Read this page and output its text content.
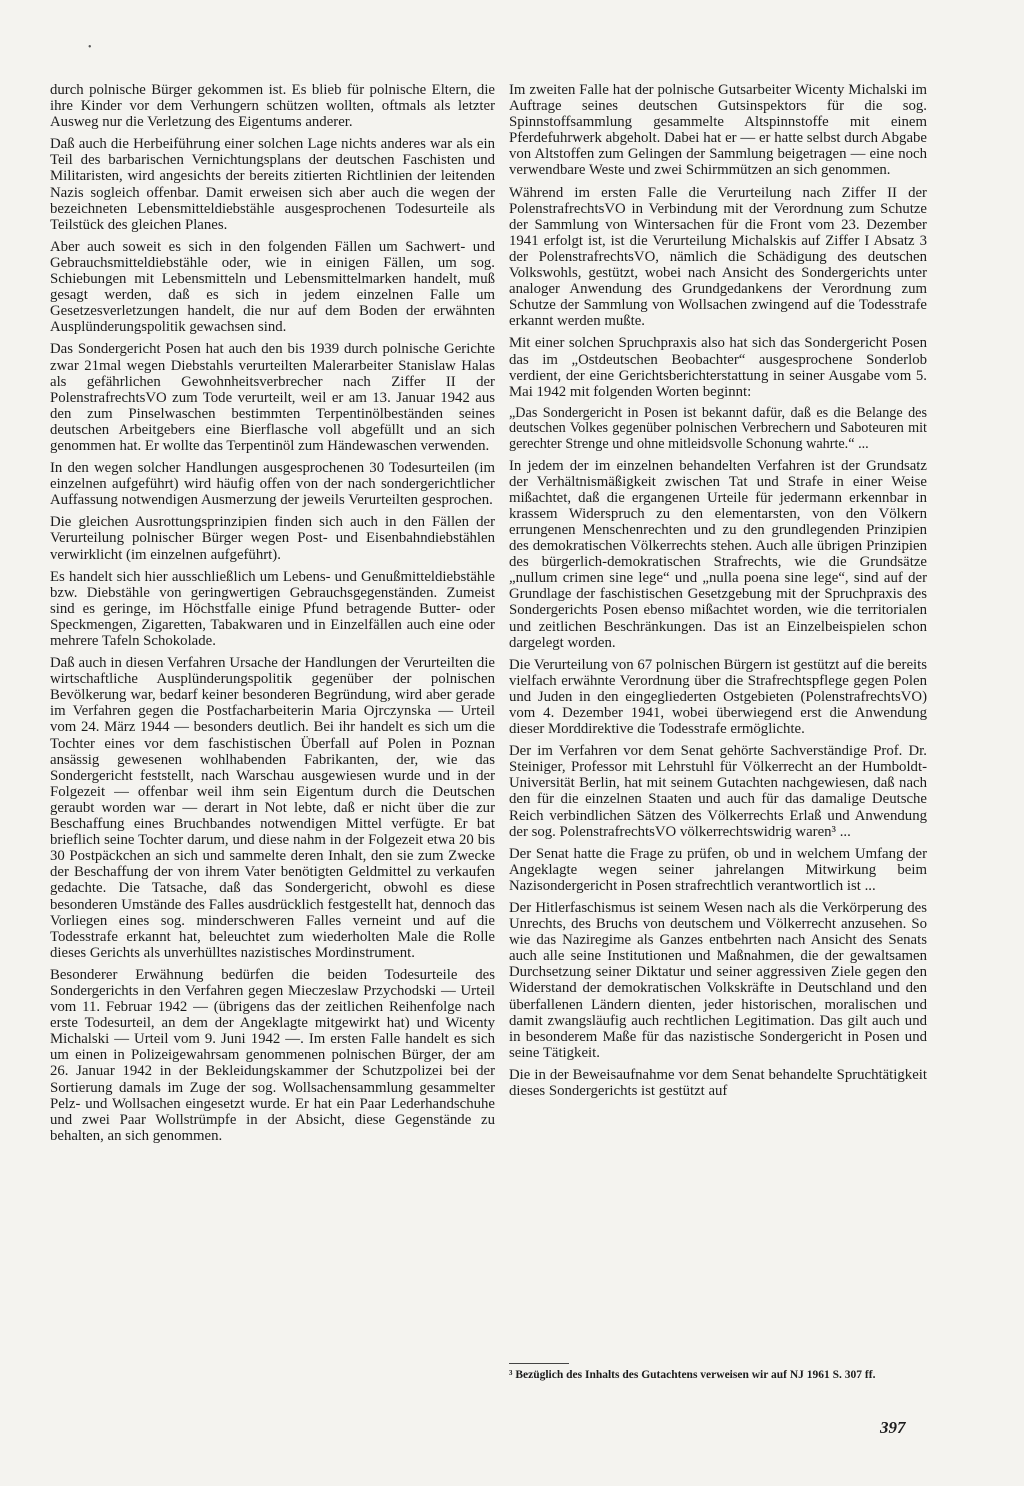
•

durch polnische Bürger gekommen ist. Es blieb für polnische Eltern, die ihre Kinder vor dem Verhungern schützen wollten, oftmals als letzter Ausweg nur die Verletzung des Eigentums anderer.

Daß auch die Herbeiführung einer solchen Lage nichts anderes war als ein Teil des barbarischen Vernichtungsplans der deutschen Faschisten und Militaristen, wird angesichts der bereits zitierten Richtlinien der leitenden Nazis sogleich offenbar. Damit erweisen sich aber auch die wegen der bezeichneten Lebensmitteldiebstähle ausgesprochenen Todesurteile als Teilstück des gleichen Planes.

Aber auch soweit es sich in den folgenden Fällen um Sachwert- und Gebrauchsmitteldiebstähle oder, wie in einigen Fällen, um sog. Schiebungen mit Lebensmitteln und Lebensmittelmarken handelt, muß gesagt werden, daß es sich in jedem einzelnen Falle um Gesetzesverletzungen handelt, die nur auf dem Boden der erwähnten Ausplünderungspolitik gewachsen sind.

Das Sondergericht Posen hat auch den bis 1939 durch polnische Gerichte zwar 21mal wegen Diebstahls verurteilten Malerarbeiter Stanislaw Halas als gefährlichen Gewohnheitsverbrecher nach Ziffer II der PolenstrafrechtsVO zum Tode verurteilt, weil er am 13. Januar 1942 aus den zum Pinselwaschen bestimmten Terpentinölbeständen seines deutschen Arbeitgebers eine Bierflasche voll abgefüllt und an sich genommen hat. Er wollte das Terpentinöl zum Händewaschen verwenden.

In den wegen solcher Handlungen ausgesprochenen 30 Todesurteilen (im einzelnen aufgeführt) wird häufig offen von der nach sondergerichtlicher Auffassung notwendigen Ausmerzung der jeweils Verurteilten gesprochen.

Die gleichen Ausrottungsprinzipien finden sich auch in den Fällen der Verurteilung polnischer Bürger wegen Post- und Eisenbahndiebstählen verwirklicht (im einzelnen aufgeführt).

Es handelt sich hier ausschließlich um Lebens- und Genußmitteldiebstähle bzw. Diebstähle von geringwertigen Gebrauchsgegenständen. Zumeist sind es geringe, im Höchstfalle einige Pfund betragende Butter- oder Speckmengen, Zigaretten, Tabakwaren und in Einzelfällen auch eine oder mehrere Tafeln Schokolade.

Daß auch in diesen Verfahren Ursache der Handlungen der Verurteilten die wirtschaftliche Ausplünderungspolitik gegenüber der polnischen Bevölkerung war, bedarf keiner besonderen Begründung, wird aber gerade im Verfahren gegen die Postfacharbeiterin Maria Ojrczynska — Urteil vom 24. März 1944 — besonders deutlich. Bei ihr handelt es sich um die Tochter eines vor dem faschistischen Überfall auf Polen in Poznan ansässig gewesenen wohlhabenden Fabrikanten, der, wie das Sondergericht feststellt, nach Warschau ausgewiesen wurde und in der Folgezeit — offenbar weil ihm sein Eigentum durch die Deutschen geraubt worden war — derart in Not lebte, daß er nicht über die zur Beschaffung eines Bruchbandes notwendigen Mittel verfügte. Er bat brieflich seine Tochter darum, und diese nahm in der Folgezeit etwa 20 bis 30 Postpäckchen an sich und sammelte deren Inhalt, den sie zum Zwecke der Beschaffung der von ihrem Vater benötigten Geldmittel zu verkaufen gedachte. Die Tatsache, daß das Sondergericht, obwohl es diese besonderen Umstände des Falles ausdrücklich festgestellt hat, dennoch das Vorliegen eines sog. minderschweren Falles verneint und auf die Todesstrafe erkannt hat, beleuchtet zum wiederholten Male die Rolle dieses Gerichts als unverhülltes nazistisches Mordinstrument.

Besonderer Erwähnung bedürfen die beiden Todesurteile des Sondergerichts in den Verfahren gegen Mieczeslaw Przychodski — Urteil vom 11. Februar 1942 — (übrigens das der zeitlichen Reihenfolge nach erste Todesurteil, an dem der Angeklagte mitgewirkt hat) und Wicenty Michalski — Urteil vom 9. Juni 1942 —. Im ersten Falle handelt es sich um einen in Polizeigewahrsam genommenen polnischen Bürger, der am 26. Januar 1942 in der Bekleidungskammer der Schutzpolizei bei der Sortierung damals im Zuge der sog. Wollsachensammlung gesammelter Pelz- und Wollsachen eingesetzt wurde. Er hat ein Paar Lederhandschuhe und zwei Paar Wollstrümpfe in der Absicht, diese Gegenstände zu behalten, an sich genommen.

Im zweiten Falle hat der polnische Gutsarbeiter Wicenty Michalski im Auftrage seines deutschen Gutsinspektors für die sog. Spinnstoffsammlung gesammelte Altspinnstoffe mit einem Pferdefuhrwerk abgeholt. Dabei hat er — er hatte selbst durch Abgabe von Altstoffen zum Gelingen der Sammlung beigetragen — eine noch verwendbare Weste und zwei Schirmmützen an sich genommen.

Während im ersten Falle die Verurteilung nach Ziffer II der PolenstrafrechtsVO in Verbindung mit der Verordnung zum Schutze der Sammlung von Wintersachen für die Front vom 23. Dezember 1941 erfolgt ist, ist die Verurteilung Michalskis auf Ziffer I Absatz 3 der PolenstrafrechtsVO, nämlich die Schädigung des deutschen Volkswohls, gestützt, wobei nach Ansicht des Sondergerichts unter analoger Anwendung des Grundgedankens der Verordnung zum Schutze der Sammlung von Wollsachen zwingend auf die Todesstrafe erkannt werden mußte.

Mit einer solchen Spruchpraxis also hat sich das Sondergericht Posen das im „Ostdeutschen Beobachter“ ausgesprochene Sonderlob verdient, der eine Gerichtsberichterstattung in seiner Ausgabe vom 5. Mai 1942 mit folgenden Worten beginnt:

„Das Sondergericht in Posen ist bekannt dafür, daß es die Belange des deutschen Volkes gegenüber polnischen Verbrechern und Saboteuren mit gerechter Strenge und ohne mitleidsvolle Schonung wahrte.“ ...

In jedem der im einzelnen behandelten Verfahren ist der Grundsatz der Verhältnismäßigkeit zwischen Tat und Strafe in einer Weise mißachtet, daß die ergangenen Urteile für jedermann erkennbar in krassem Widerspruch zu den elementarsten, von den Völkern errungenen Menschenrechten und zu den grundlegenden Prinzipien des demokratischen Völkerrechts stehen. Auch alle übrigen Prinzipien des bürgerlich-demokratischen Strafrechts, wie die Grundsätze „nullum crimen sine lege“ und „nulla poena sine lege“, sind auf der Grundlage der faschistischen Gesetzgebung mit der Spruchpraxis des Sondergerichts Posen ebenso mißachtet worden, wie die territorialen und zeitlichen Beschränkungen. Das ist an Einzelbeispielen schon dargelegt worden.

Die Verurteilung von 67 polnischen Bürgern ist gestützt auf die bereits vielfach erwähnte Verordnung über die Strafrechtspflege gegen Polen und Juden in den eingegliederten Ostgebieten (PolenstrafrechtsVO) vom 4. Dezember 1941, wobei überwiegend erst die Anwendung dieser Morddirektive die Todesstrafe ermöglichte.

Der im Verfahren vor dem Senat gehörte Sachverständige Prof. Dr. Steiniger, Professor mit Lehrstuhl für Völkerrecht an der Humboldt-Universität Berlin, hat mit seinem Gutachten nachgewiesen, daß nach den für die einzelnen Staaten und auch für das damalige Deutsche Reich verbindlichen Sätzen des Völkerrechts Erlaß und Anwendung der sog. PolenstrafrechtsVO völkerrechtswidrig waren³ ...

Der Senat hatte die Frage zu prüfen, ob und in welchem Umfang der Angeklagte wegen seiner jahrelangen Mitwirkung beim Nazisondergericht in Posen strafrechtlich verantwortlich ist ...

Der Hitlerfaschismus ist seinem Wesen nach als die Verkörperung des Unrechts, des Bruchs von deutschem und Völkerrecht anzusehen. So wie das Naziregime als Ganzes entbehrten nach Ansicht des Senats auch alle seine Institutionen und Maßnahmen, die der gewaltsamen Durchsetzung seiner Diktatur und seiner aggressiven Ziele gegen den Widerstand der demokratischen Volkskräfte in Deutschland und den überfallenen Ländern dienten, jeder historischen, moralischen und damit zwangsläufig auch rechtlichen Legitimation. Das gilt auch und in besonderem Maße für das nazistische Sondergericht in Posen und seine Tätigkeit.

Die in der Beweisaufnahme vor dem Senat behandelte Spruchtätigkeit dieses Sondergerichts ist gestützt auf

³ Bezüglich des Inhalts des Gutachtens verweisen wir auf NJ 1961 S. 307 ff.
397
